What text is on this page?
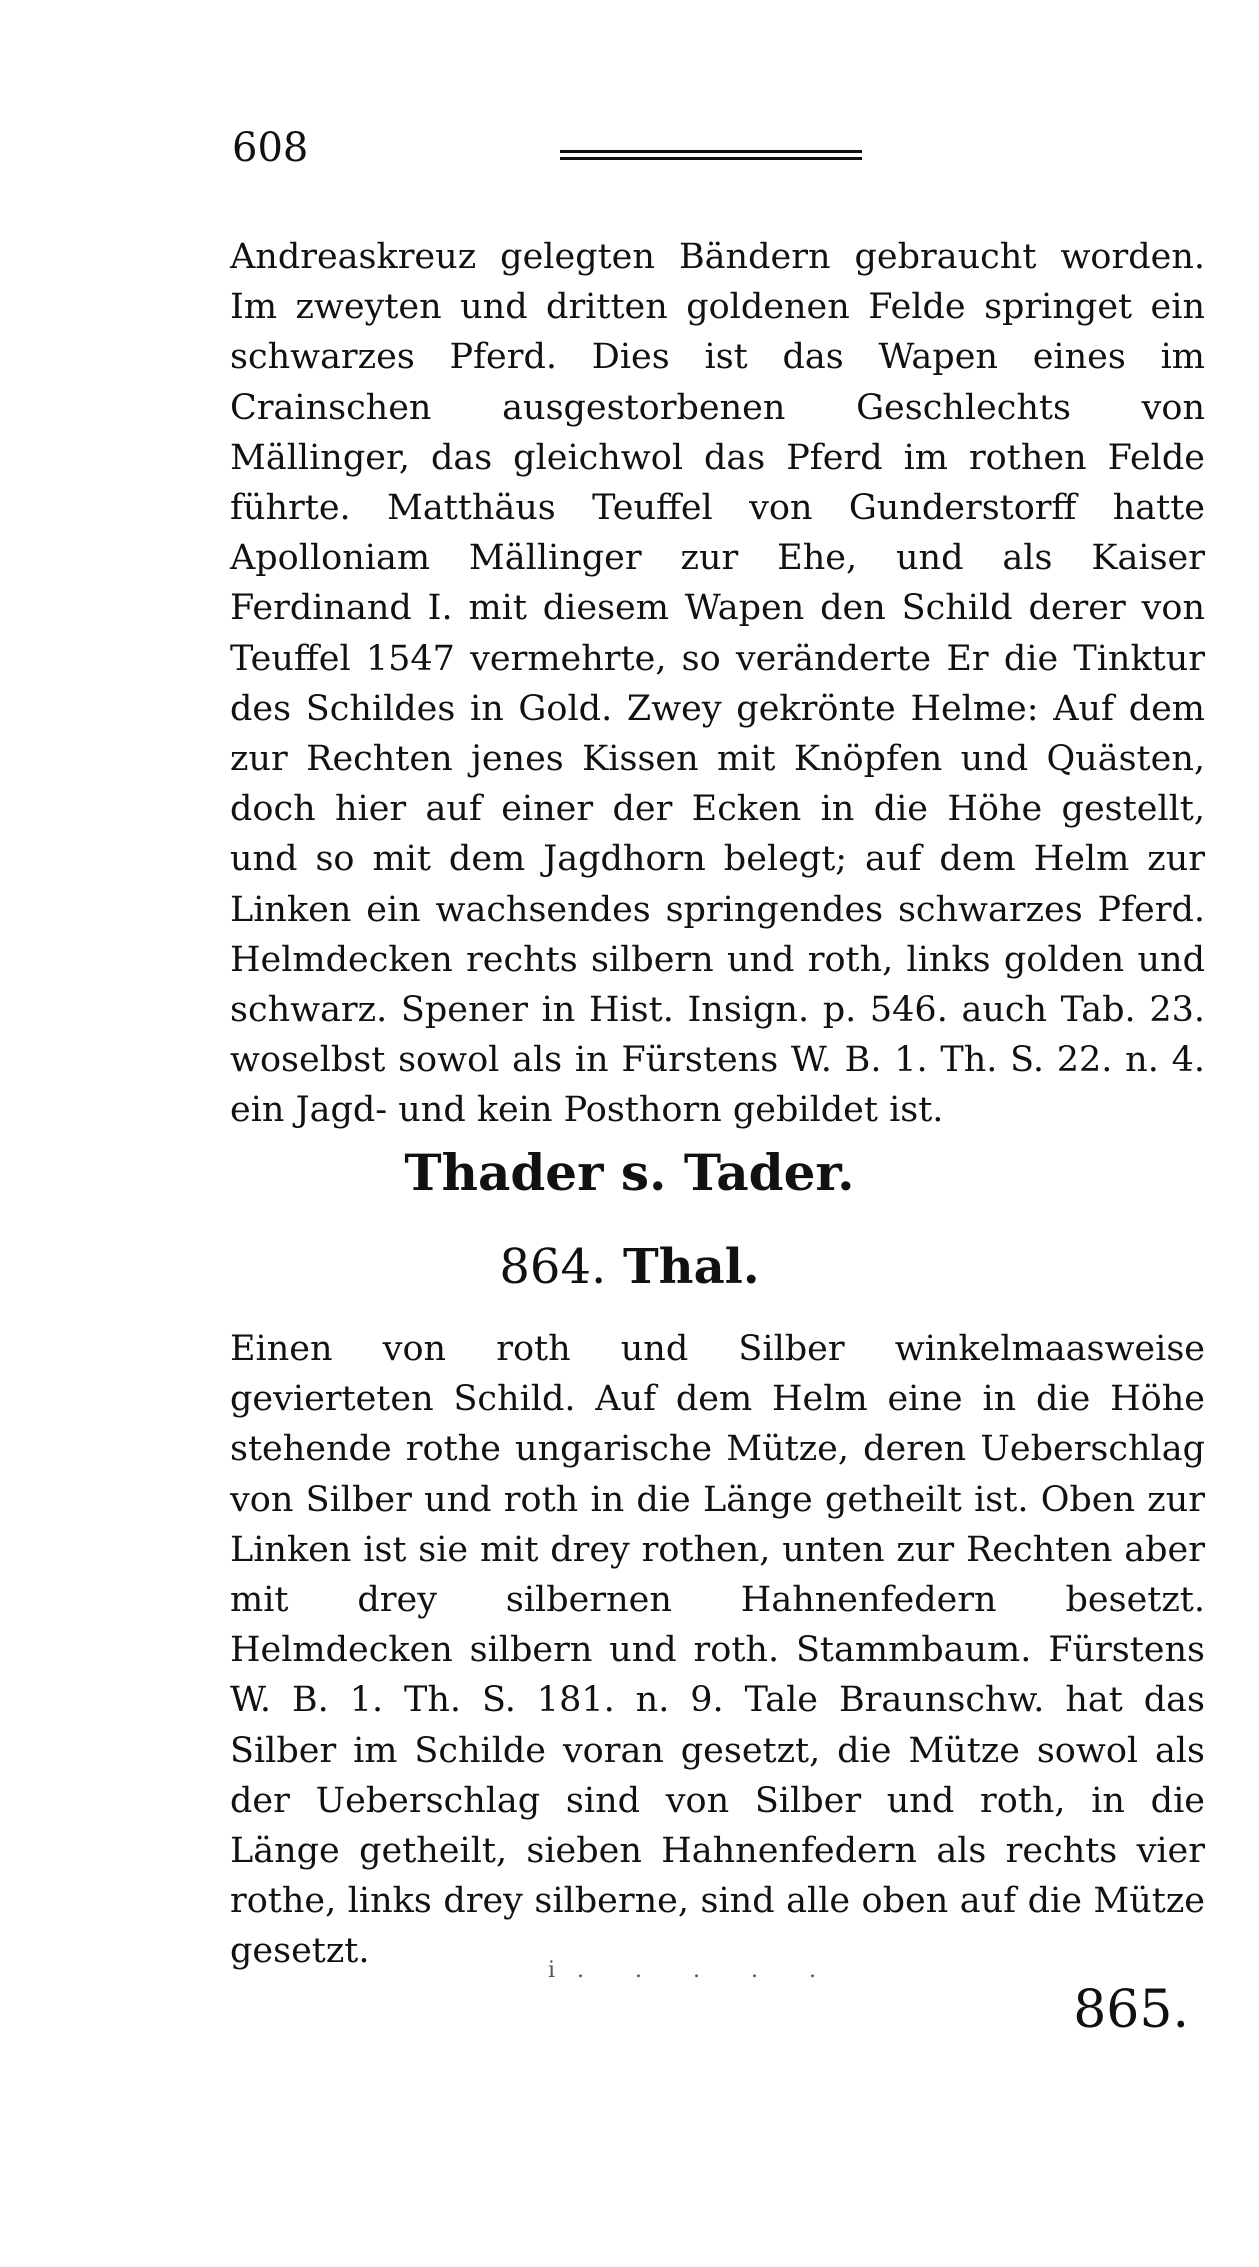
608

Andreaskreuz gelegten Bändern gebraucht worden. Im zweyten und dritten goldenen Felde springet ein schwarzes Pferd. Dies ist das Wapen eines im Crainschen ausgestorbenen Geschlechts von Mällinger, das gleichwol das Pferd im rothen Felde führte. Matthäus Teuffel von Gunderstorff hatte Apolloniam Mällinger zur Ehe, und als Kaiser Ferdinand I. mit diesem Wapen den Schild derer von Teuffel 1547 vermehrte, so veränderte Er die Tinktur des Schildes in Gold. Zwey gekrönte Helme: Auf dem zur Rechten jenes Kissen mit Knöpfen und Quästen, doch hier auf einer der Ecken in die Höhe gestellt, und so mit dem Jagdhorn belegt; auf dem Helm zur Linken ein wachsendes springendes schwarzes Pferd. Helmdecken rechts silbern und roth, links golden und schwarz. Spener in Hist. Insign. p. 546. auch Tab. 23. woselbst sowol als in Fürstens W. B. 1. Th. S. 22. n. 4. ein Jagd- und kein Posthorn gebildet ist.

Thader s. Tader.
864. Thal.

Einen von roth und Silber winkelmaasweise gevierteten Schild. Auf dem Helm eine in die Höhe stehende rothe ungarische Mütze, deren Ueberschlag von Silber und roth in die Länge getheilt ist. Oben zur Linken ist sie mit drey rothen, unten zur Rechten aber mit drey silbernen Hahnenfedern besetzt. Helmdecken silbern und roth. Stammbaum. Fürstens W. B. 1. Th. S. 181. n. 9. Tale Braunschw. hat das Silber im Schilde voran gesetzt, die Mütze sowol als der Ueberschlag sind von Silber und roth, in die Länge getheilt, sieben Hahnenfedern als rechts vier rothe, links drey silberne, sind alle oben auf die Mütze gesetzt.	i. . . . .

865.
